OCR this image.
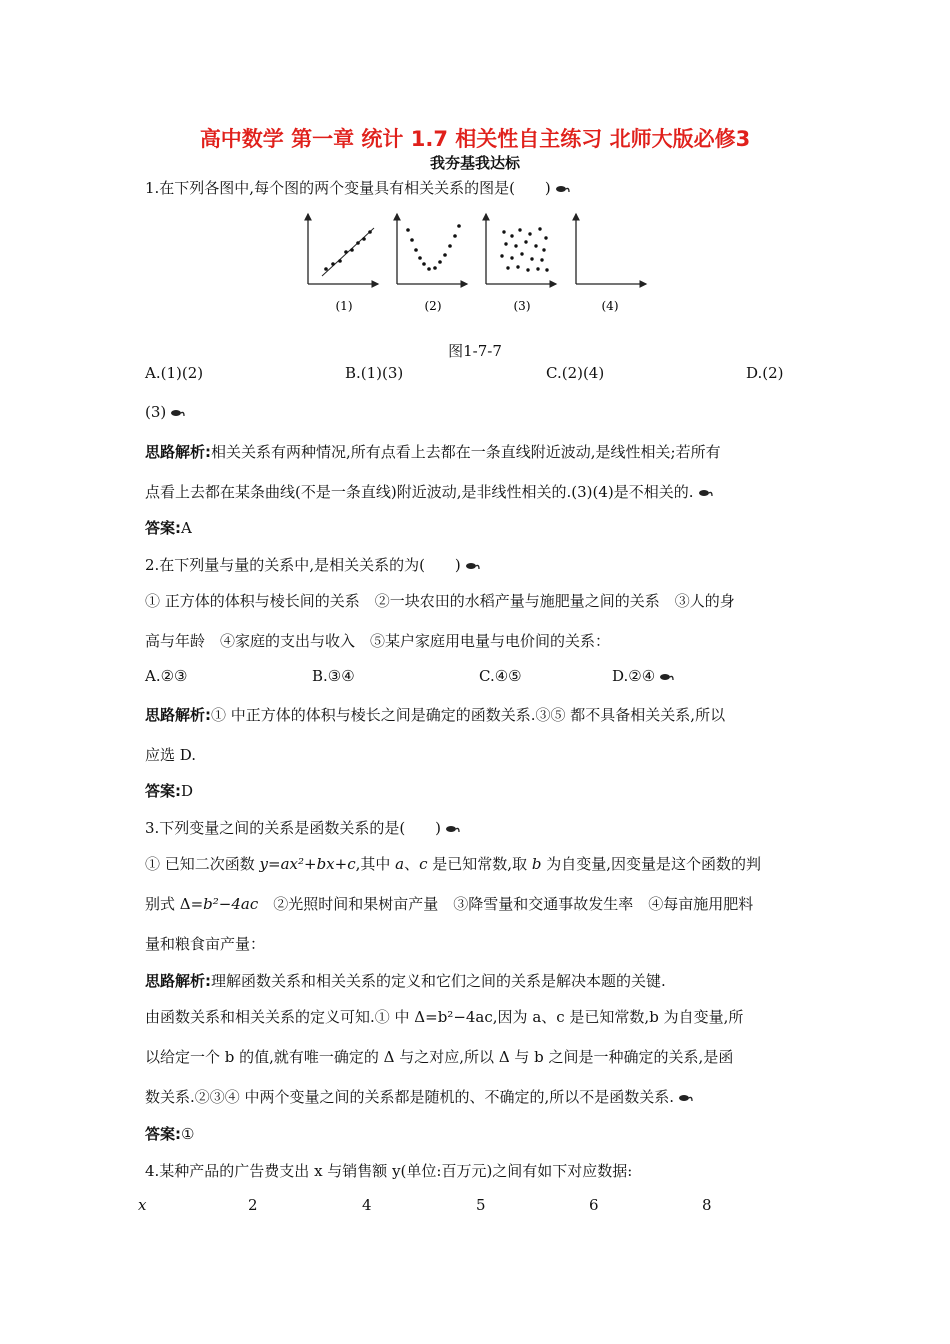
高中数学 第一章 统计 1.7 相关性自主练习 北师大版必修3
我夯基我达标
1.在下列各图中,每个图的两个变量具有相关关系的图是(　　)
(1)	(2)	(3)	(4)
图1-7-7
A.(1)(2)	B.(1)(3)	C.(2)(4)	D.(2)
(3)
思路解析:相关关系有两种情况,所有点看上去都在一条直线附近波动,是线性相关;若所有
点看上去都在某条曲线(不是一条直线)附近波动,是非线性相关的.(3)(4)是不相关的.
答案:A
2.在下列量与量的关系中,是相关关系的为(　　)
① 正方体的体积与棱长间的关系　②一块农田的水稻产量与施肥量之间的关系　③人的身
高与年龄　④家庭的支出与收入　⑤某户家庭用电量与电价间的关系：
A.②③	B.③④	C.④⑤	D.②④
思路解析:① 中正方体的体积与棱长之间是确定的函数关系.③⑤ 都不具备相关关系,所以
应选 D.
答案:D
3.下列变量之间的关系是函数关系的是(　　)
① 已知二次函数 y=ax²+bx+c,其中 a、c 是已知常数,取 b 为自变量,因变量是这个函数的判
别式 Δ=b²−4ac　②光照时间和果树亩产量　③降雪量和交通事故发生率　④每亩施用肥料
量和粮食亩产量：
思路解析:理解函数关系和相关关系的定义和它们之间的关系是解决本题的关键.
由函数关系和相关关系的定义可知.① 中 Δ=b²−4ac,因为 a、c 是已知常数,b 为自变量,所
以给定一个 b 的值,就有唯一确定的 Δ 与之对应,所以 Δ 与 b 之间是一种确定的关系,是函
数关系.②③④ 中两个变量之间的关系都是随机的、不确定的,所以不是函数关系.
答案:①
4.某种产品的广告费支出 x 与销售额 y(单位:百万元)之间有如下对应数据:
x	2	4	5	6	8
